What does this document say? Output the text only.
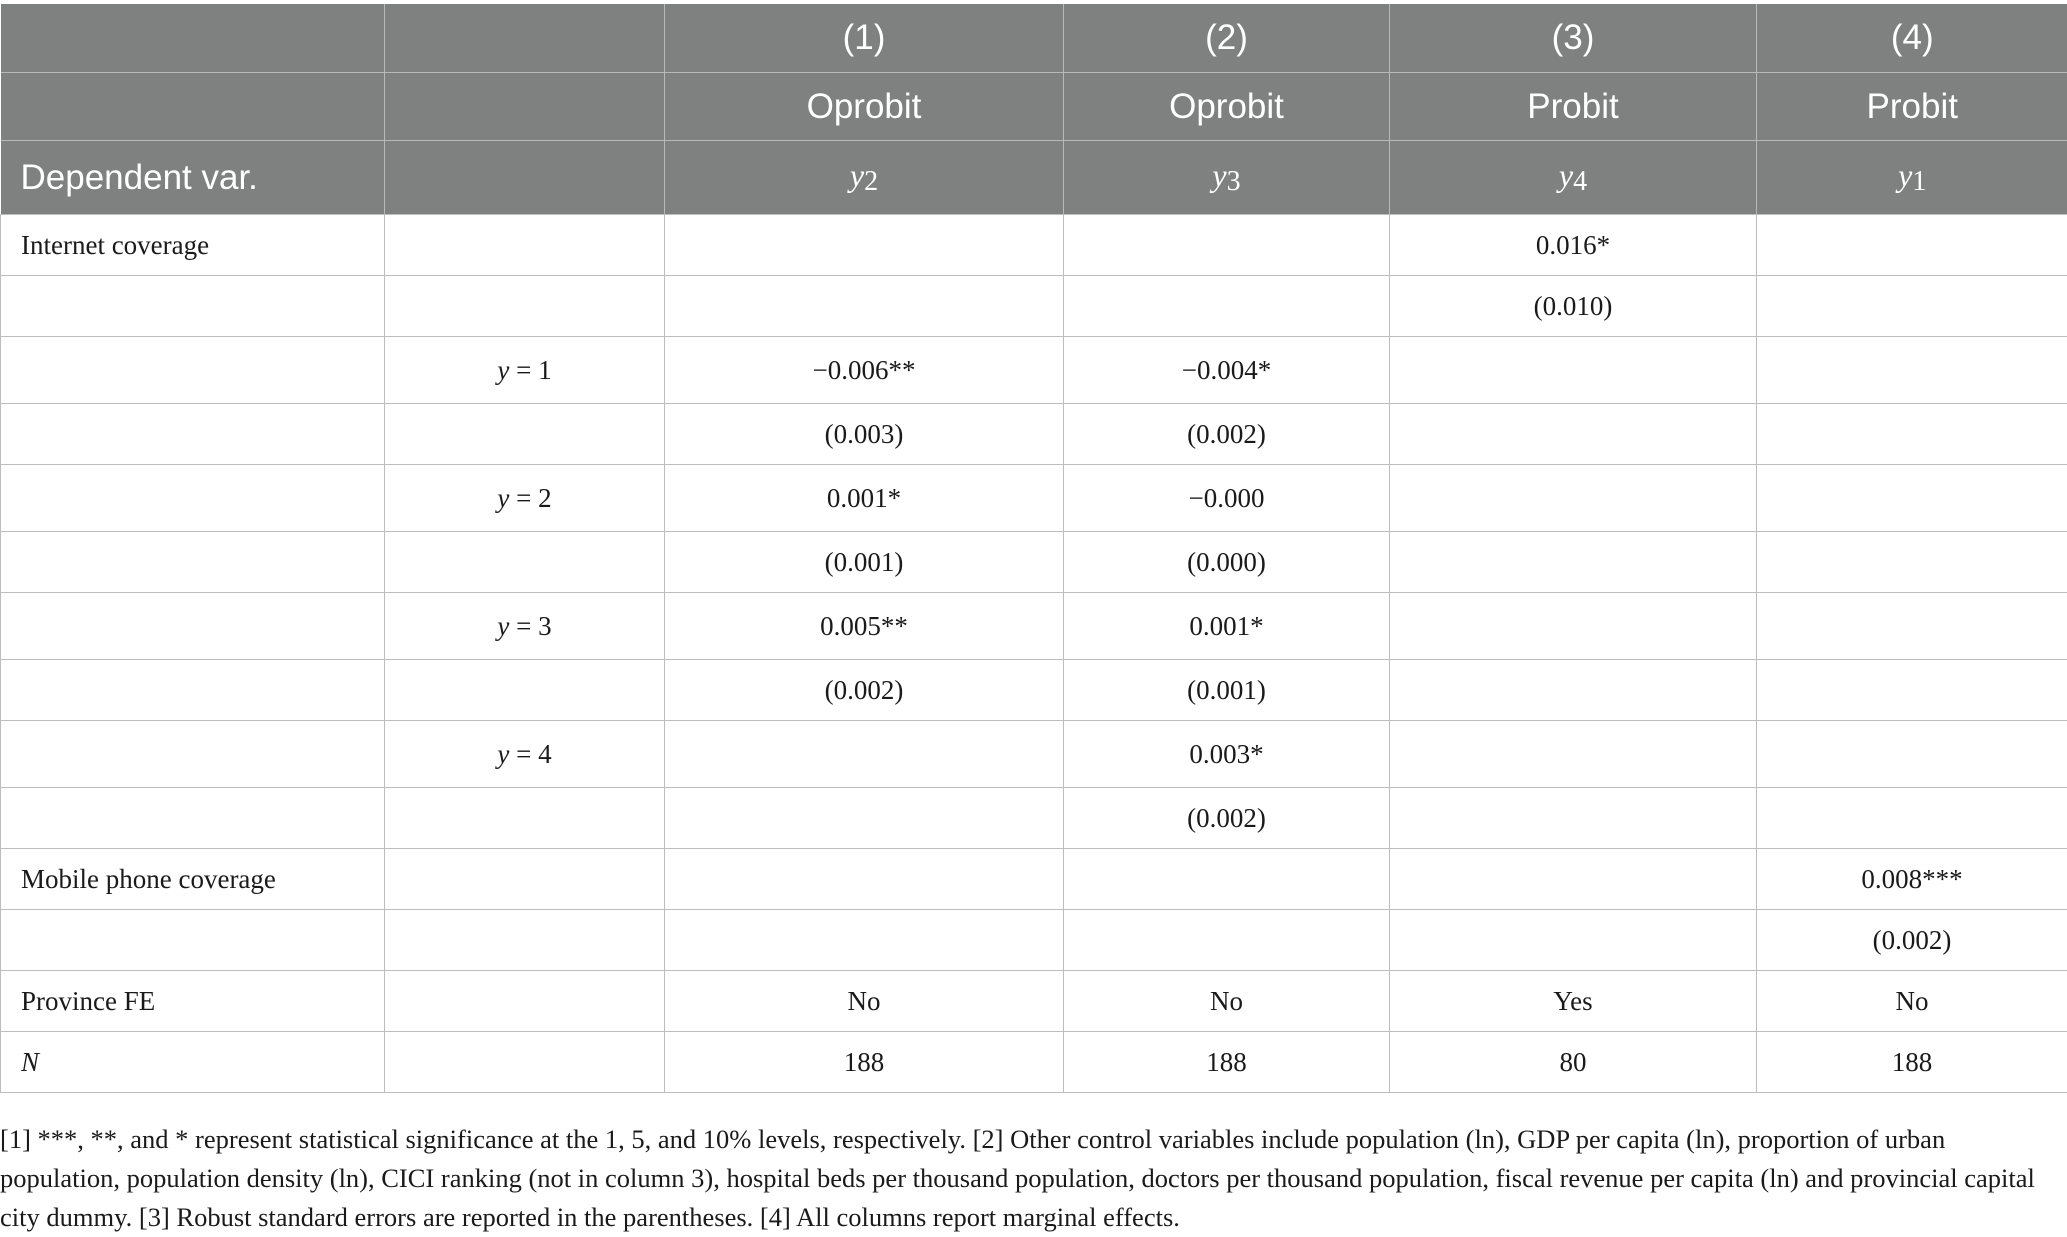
		(1)	(2)	(3)	(4)
		Oprobit	Oprobit	Probit	Probit
Dependent var.		$y_2$	$y_3$	$y_4$	$y_1$
Internet coverage				0.016*	
				(0.010)	
	y = 1	−0.006**	−0.004*		
		(0.003)	(0.002)		
	y = 2	0.001*	−0.000		
		(0.001)	(0.000)		
	y = 3	0.005**	0.001*		
		(0.002)	(0.001)		
	y = 4		0.003*		
			(0.002)		
Mobile phone coverage					0.008***
					(0.002)
Province FE		No	No	Yes	No
N		188	188	80	188
[1] ***, **, and * represent statistical significance at the 1, 5, and 10% levels, respectively. [2] Other control variables include population (ln), GDP per capita (ln), proportion of urban population, population density (ln), CICI ranking (not in column 3), hospital beds per thousand population, doctors per thousand population, fiscal revenue per capita (ln) and provincial capital city dummy. [3] Robust standard errors are reported in the parentheses. [4] All columns report marginal effects.
